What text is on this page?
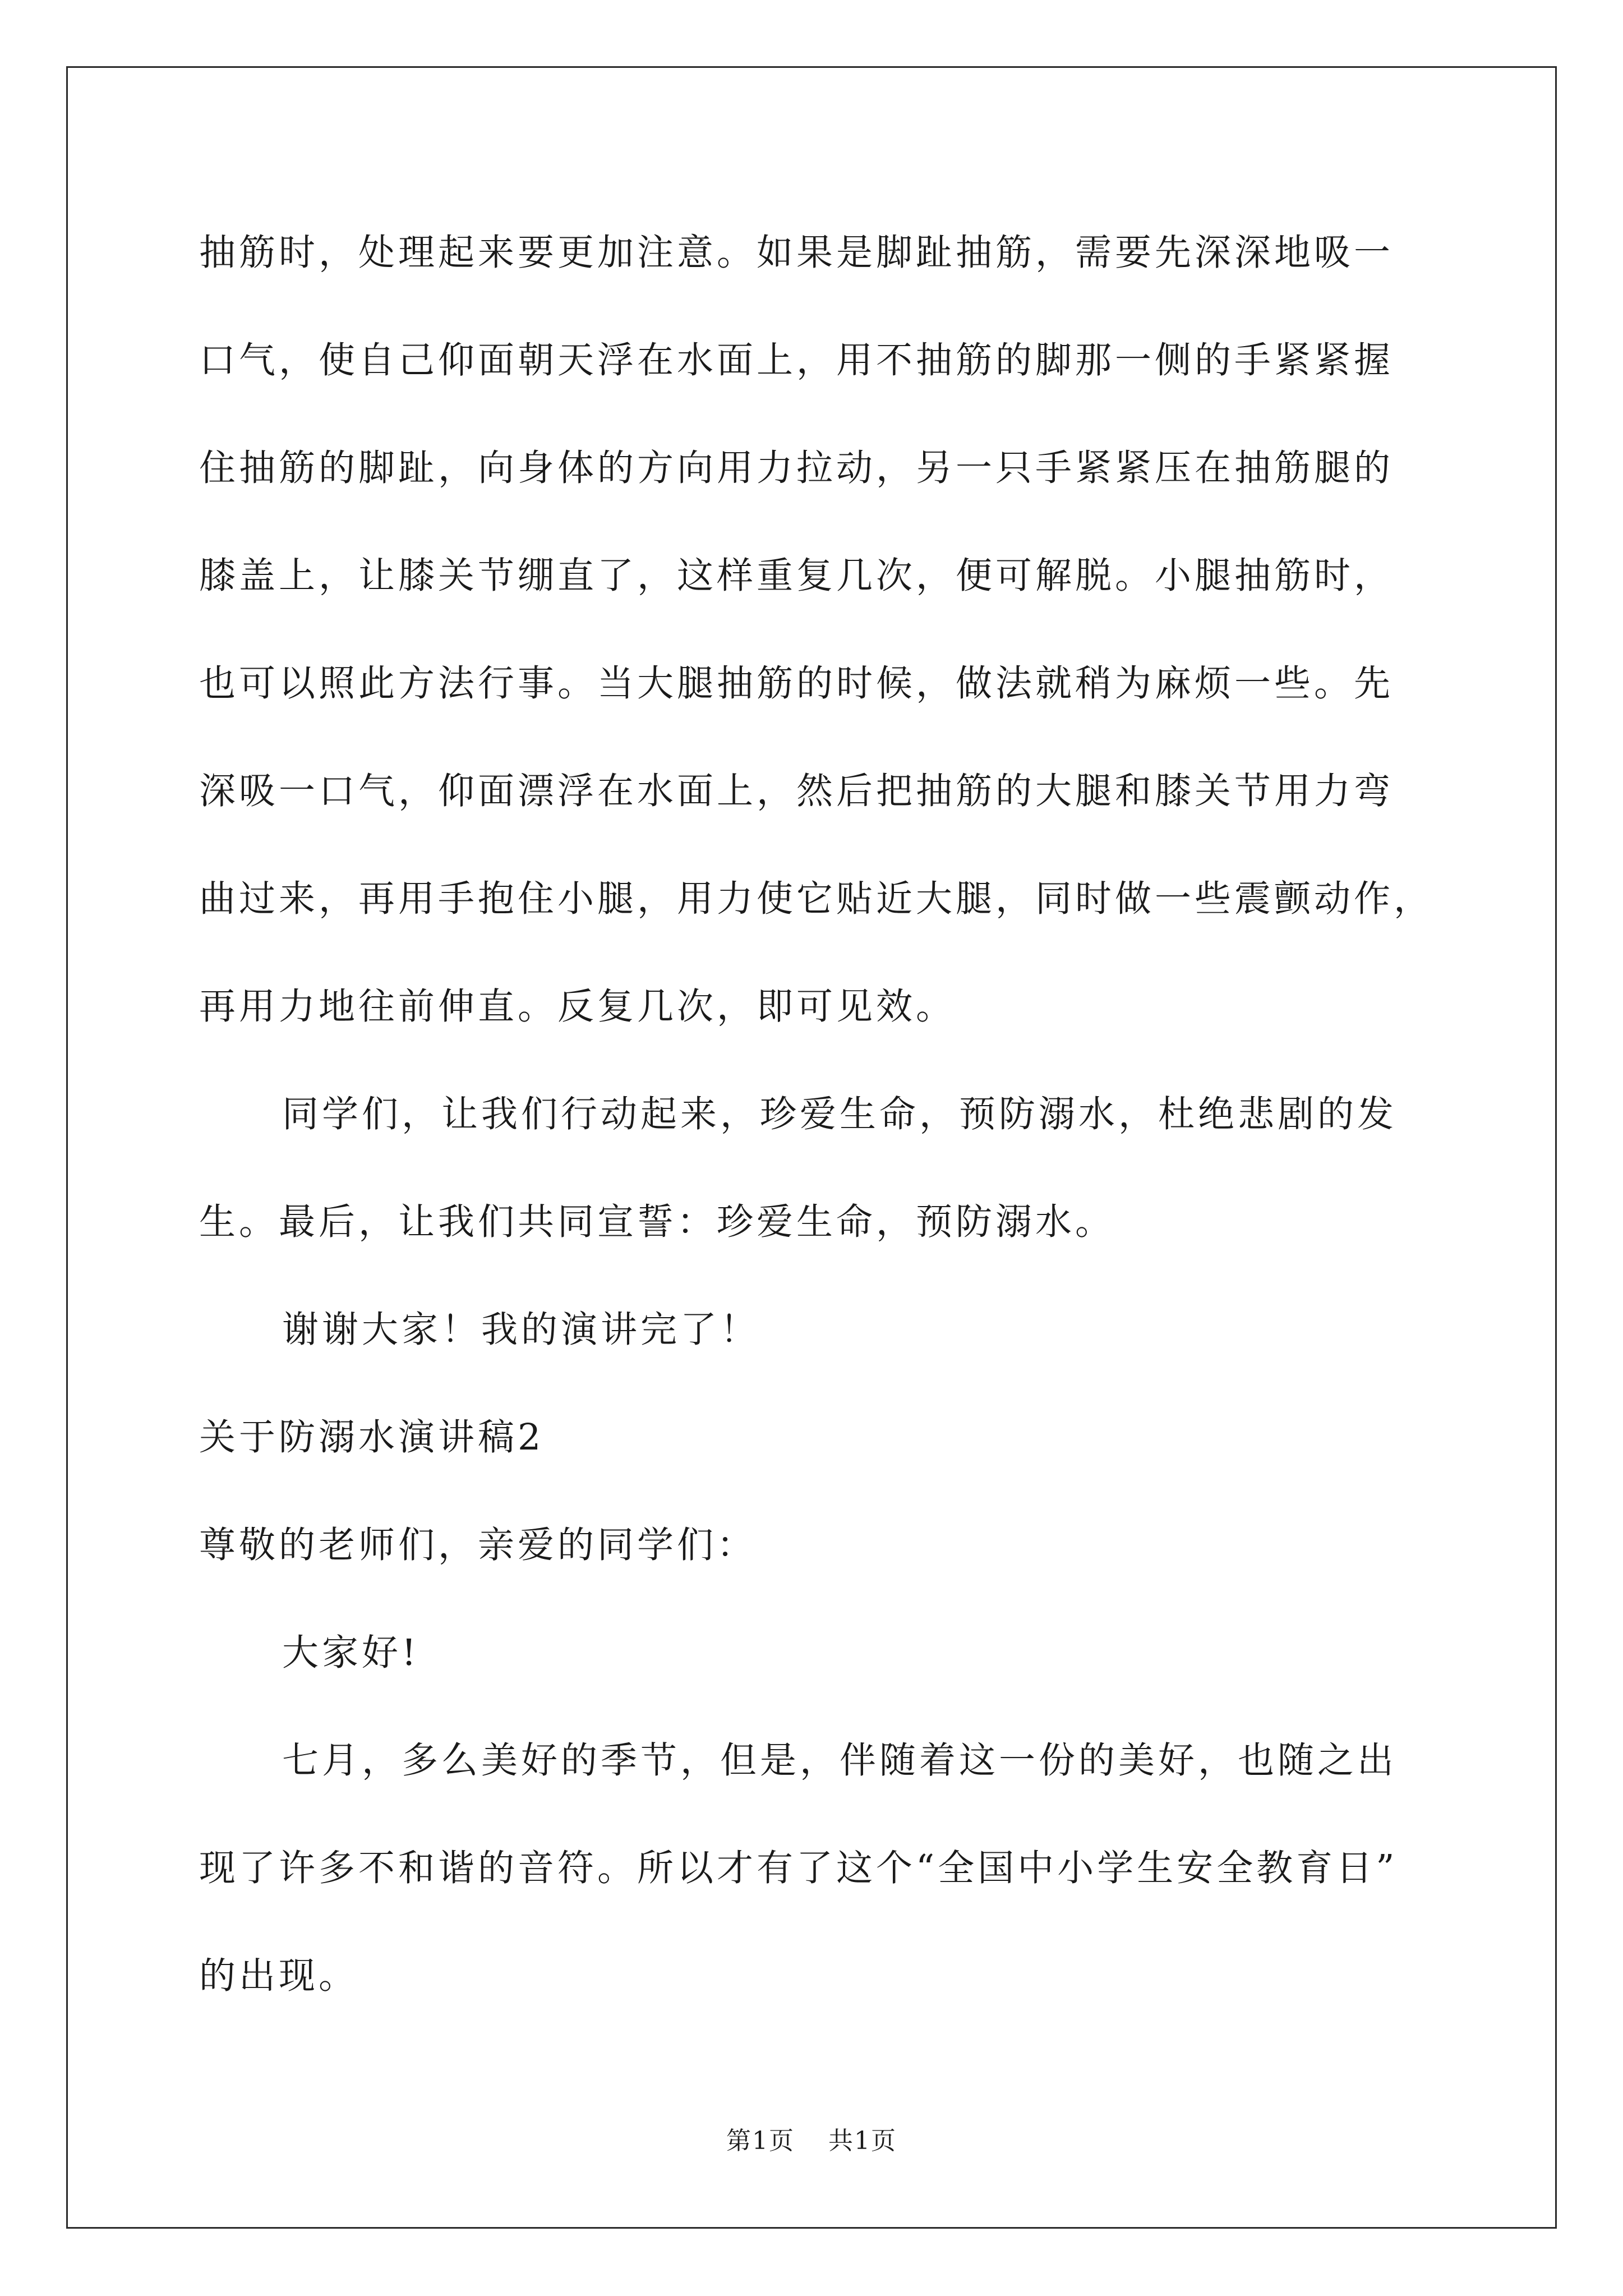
抽筋时，处理起来要更加注意。如果是脚趾抽筋，需要先深深地吸一
口气，使自己仰面朝天浮在水面上，用不抽筋的脚那一侧的手紧紧握
住抽筋的脚趾，向身体的方向用力拉动，另一只手紧紧压在抽筋腿的
膝盖上，让膝关节绷直了，这样重复几次，便可解脱。小腿抽筋时，
也可以照此方法行事。当大腿抽筋的时候，做法就稍为麻烦一些。先
深吸一口气，仰面漂浮在水面上，然后把抽筋的大腿和膝关节用力弯
曲过来，再用手抱住小腿，用力使它贴近大腿，同时做一些震颤动作，
再用力地往前伸直。反复几次，即可见效。
同学们，让我们行动起来，珍爱生命，预防溺水，杜绝悲剧的发
生。最后，让我们共同宣誓：珍爱生命，预防溺水。
谢谢大家！我的演讲完了！
关于防溺水演讲稿2
尊敬的老师们，亲爱的同学们：
大家好!
七月，多么美好的季节，但是，伴随着这一份的美好，也随之出
现了许多不和谐的音符。所以才有了这个“全国中小学生安全教育日”
的出现。
第1页 共1页
